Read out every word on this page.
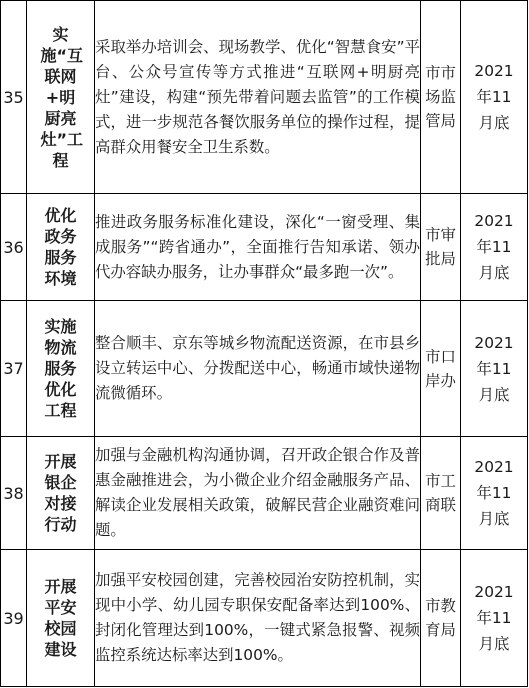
35	实施“互联网+明厨亮灶”工程	采取举办培训会、现场教学、优化“智慧食安”平台、公众号宣传等方式推进“互联网+明厨亮灶”建设，构建“预先带着问题去监管”的工作模式，进一步规范各餐饮服务单位的操作过程，提高群众用餐安全卫生系数。	市市场监管局	2021年11月底

36	优化政务服务环境	推进政务服务标准化建设，深化“一窗受理、集成服务”“跨省通办”，全面推行告知承诺、领办代办容缺办服务，让办事群众“最多跑一次”。	市审批局	2021年11月底

37	实施物流服务优化工程	整合顺丰、京东等城乡物流配送资源，在市县乡设立转运中心、分拨配送中心，畅通市域快递物流微循环。	市口岸办	2021年11月底

38	开展银企对接行动	加强与金融机构沟通协调，召开政企银合作及普惠金融推进会，为小微企业介绍金融服务产品、解读企业发展相关政策，破解民营企业融资难问题。	市工商联	2021年11月底

39	开展平安校园建设	加强平安校园创建，完善校园治安防控机制，实现中小学、幼儿园专职保安配备率达到100%、封闭化管理达到100%，一键式紧急报警、视频监控系统达标率达到100%。	市教育局	2021年11月底
